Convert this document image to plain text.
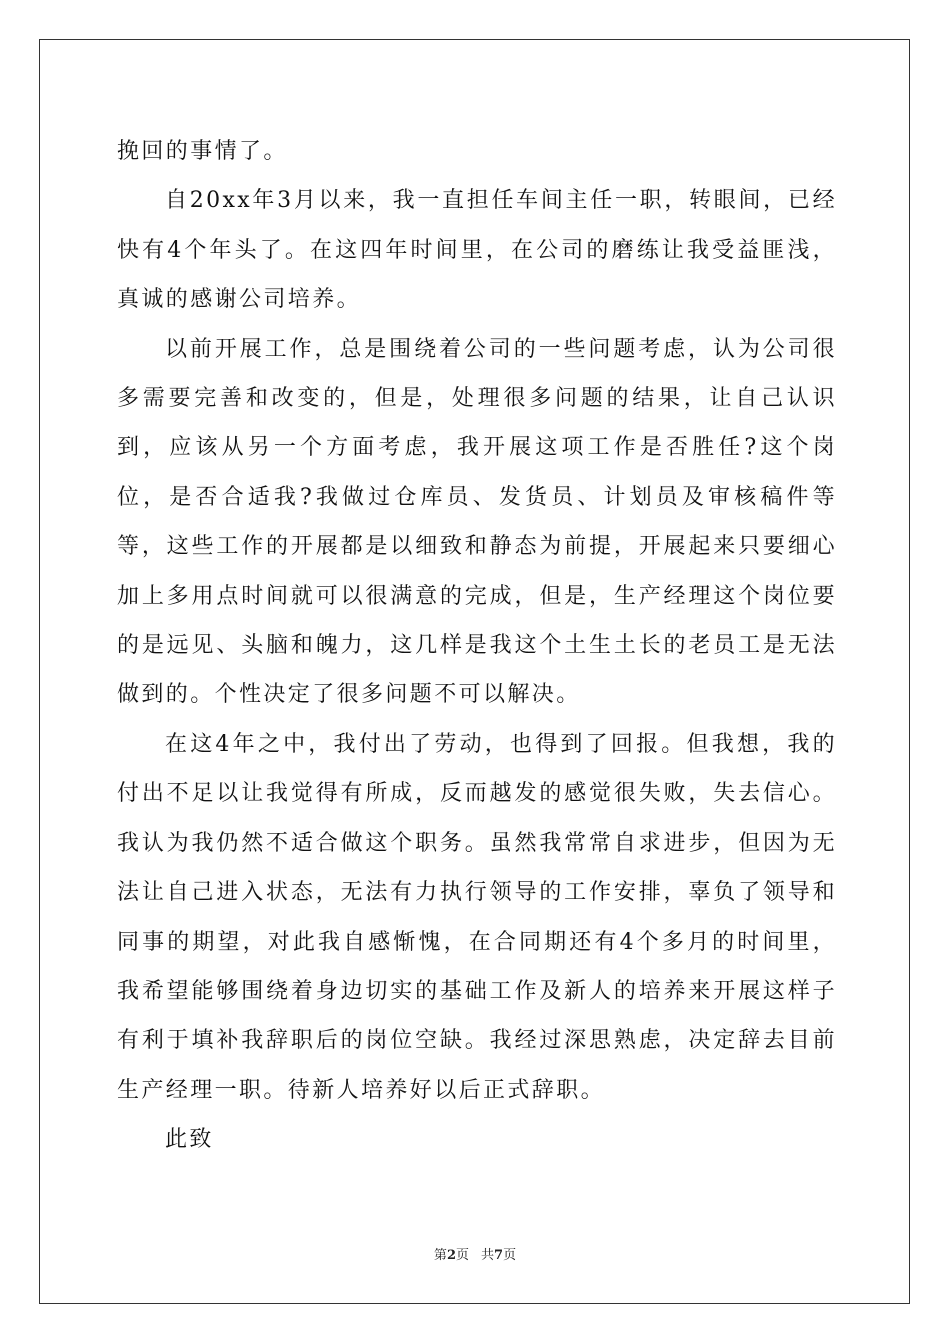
挽回的事情了。

自20xx年3月以来，我一直担任车间主任一职，转眼间，已经快有4个年头了。在这四年时间里，在公司的磨练让我受益匪浅，真诚的感谢公司培养。

以前开展工作，总是围绕着公司的一些问题考虑，认为公司很多需要完善和改变的，但是，处理很多问题的结果，让自己认识到，应该从另一个方面考虑，我开展这项工作是否胜任?这个岗位，是否合适我?我做过仓库员、发货员、计划员及审核稿件等等，这些工作的开展都是以细致和静态为前提，开展起来只要细心加上多用点时间就可以很满意的完成，但是，生产经理这个岗位要的是远见、头脑和魄力，这几样是我这个土生土长的老员工是无法做到的。个性决定了很多问题不可以解决。

在这4年之中，我付出了劳动，也得到了回报。但我想，我的付出不足以让我觉得有所成，反而越发的感觉很失败，失去信心。我认为我仍然不适合做这个职务。虽然我常常自求进步，但因为无法让自己进入状态，无法有力执行领导的工作安排，辜负了领导和同事的期望，对此我自感惭愧，在合同期还有4个多月的时间里，我希望能够围绕着身边切实的基础工作及新人的培养来开展这样子有利于填补我辞职后的岗位空缺。我经过深思熟虑，决定辞去目前生产经理一职。待新人培养好以后正式辞职。

此致

第2页 共7页
